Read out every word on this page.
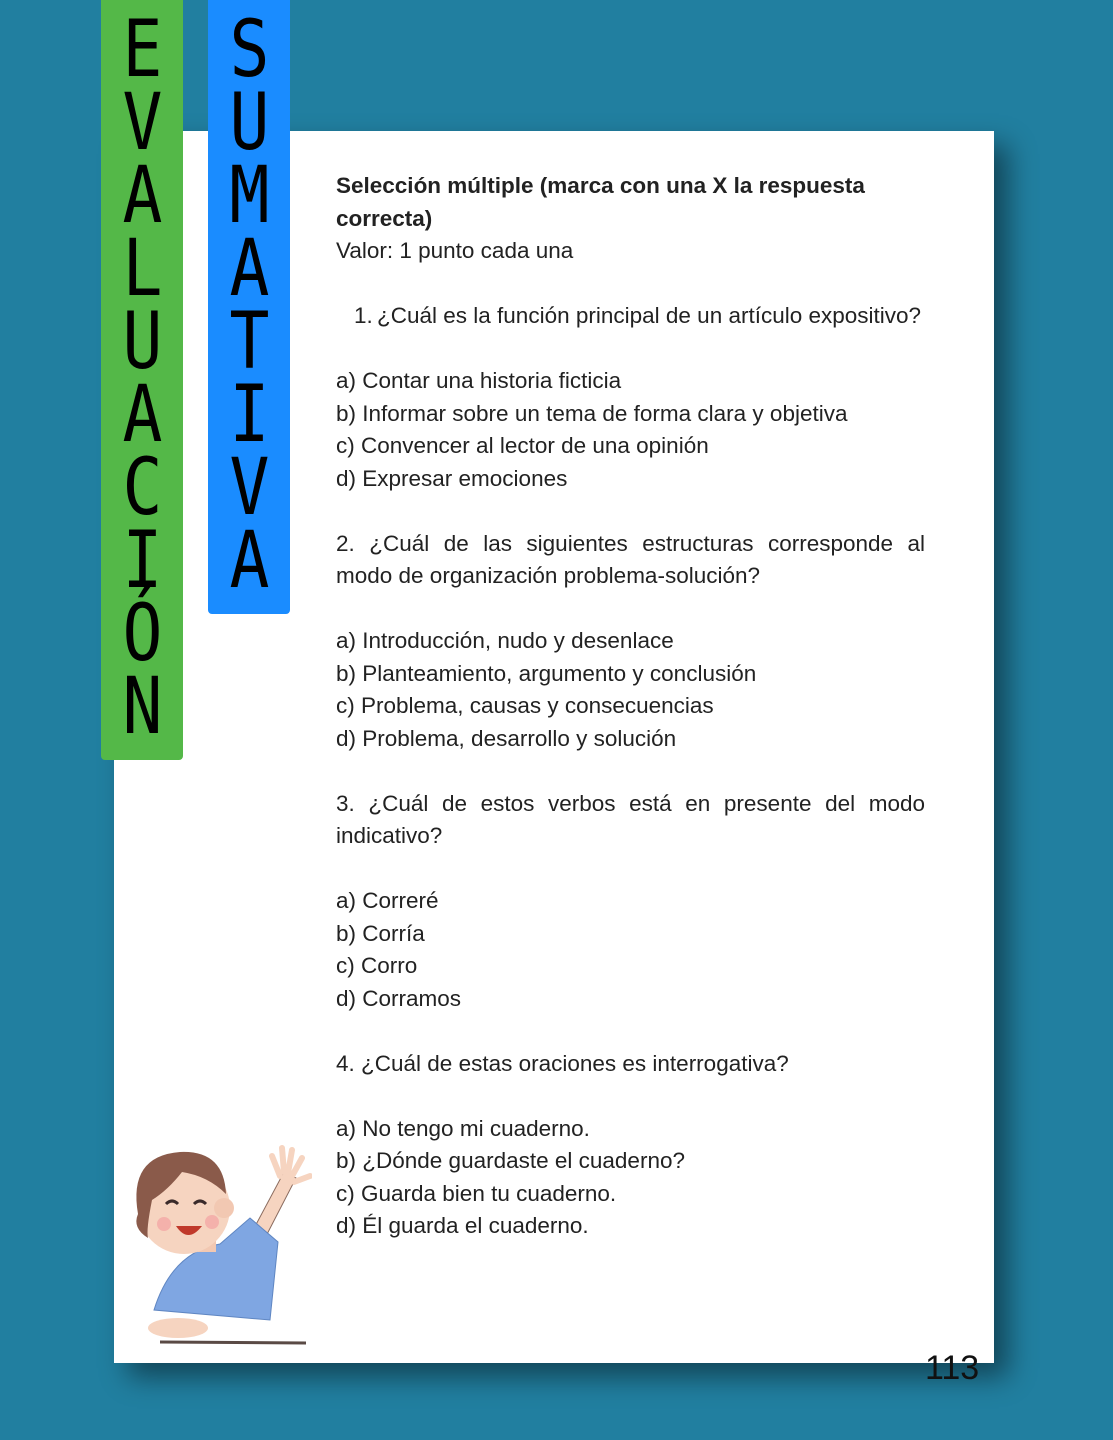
E
V
A
L
U
A
C
I
Ó
N
S
U
M
A
T
I
V
A

Selección múltiple (marca con una X la respuesta correcta)

Valor: 1 punto cada una

1. ¿Cuál es la función principal de un artículo expositivo?
a) Contar una historia ficticia
b) Informar sobre un tema de forma clara y objetiva
c) Convencer al lector de una opinión
d) Expresar emociones

2. ¿Cuál de las siguientes estructuras corresponde al modo de organización problema-solución?

a) Introducción, nudo y desenlace
b) Planteamiento, argumento y conclusión
c) Problema, causas y consecuencias
d) Problema, desarrollo y solución

3. ¿Cuál de estos verbos está en presente del modo indicativo?

a) Correré
b) Corría
c) Corro
d) Corramos

4. ¿Cuál de estas oraciones es interrogativa?

a) No tengo mi cuaderno.
b) ¿Dónde guardaste el cuaderno?
c) Guarda bien tu cuaderno.
d) Él guarda el cuaderno.
113
